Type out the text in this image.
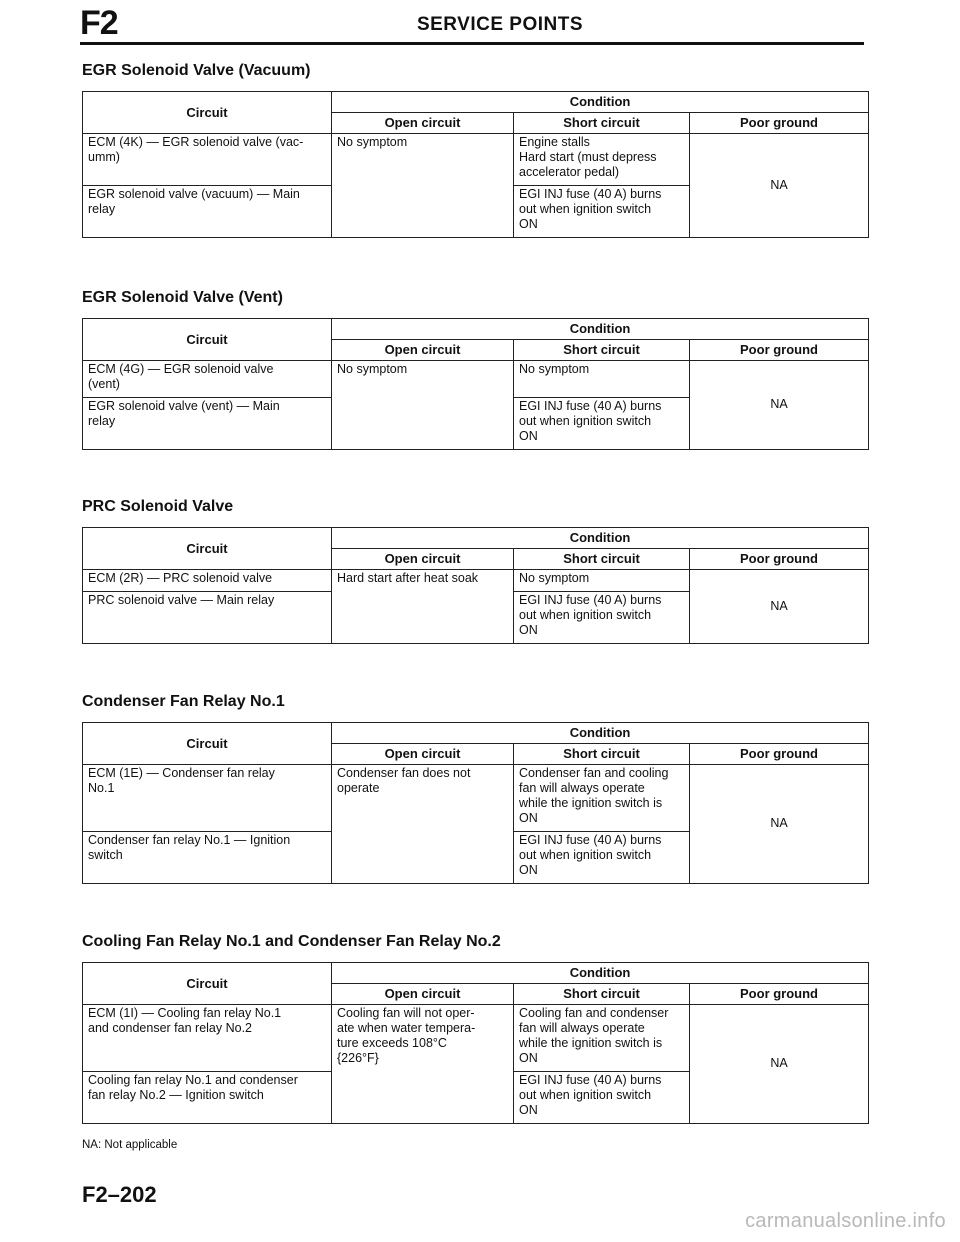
F2	SERVICE POINTS
EGR Solenoid Valve (Vacuum)
Circuit	Condition		
	Open circuit	Short circuit	Poor ground
ECM (4K) — EGR solenoid valve (vac-
umm)	No symptom	Engine stalls
Hard start (must depress
accelerator pedal)	NA
EGR solenoid valve (vacuum) — Main
relay		EGI INJ fuse (40 A) burns
out when ignition switch
ON	
EGR Solenoid Valve (Vent)
Circuit	Condition		
	Open circuit	Short circuit	Poor ground
ECM (4G) — EGR solenoid valve
(vent)	No symptom	No symptom	NA
EGR solenoid valve (vent) — Main
relay		EGI INJ fuse (40 A) burns
out when ignition switch
ON	
PRC Solenoid Valve
Circuit	Condition		
	Open circuit	Short circuit	Poor ground
ECM (2R) — PRC solenoid valve	Hard start after heat soak	No symptom	NA
PRC solenoid valve — Main relay		EGI INJ fuse (40 A) burns
out when ignition switch
ON	
Condenser Fan Relay No.1
Circuit	Condition		
	Open circuit	Short circuit	Poor ground
ECM (1E) — Condenser fan relay
No.1	Condenser fan does not
operate	Condenser fan and cooling
fan will always operate
while the ignition switch is
ON	NA
Condenser fan relay No.1 — Ignition
switch		EGI INJ fuse (40 A) burns
out when ignition switch
ON	
Cooling Fan Relay No.1 and Condenser Fan Relay No.2
Circuit	Condition		
	Open circuit	Short circuit	Poor ground
ECM (1I) — Cooling fan relay No.1
and condenser fan relay No.2	Cooling fan will not oper-
ate when water tempera-
ture exceeds 108°C
{226°F}	Cooling fan and condenser
fan will always operate
while the ignition switch is
ON	NA
Cooling fan relay No.1 and condenser
fan relay No.2 — Ignition switch		EGI INJ fuse (40 A) burns
out when ignition switch
ON	
NA: Not applicable
F2–202
carmanualsonline.info
